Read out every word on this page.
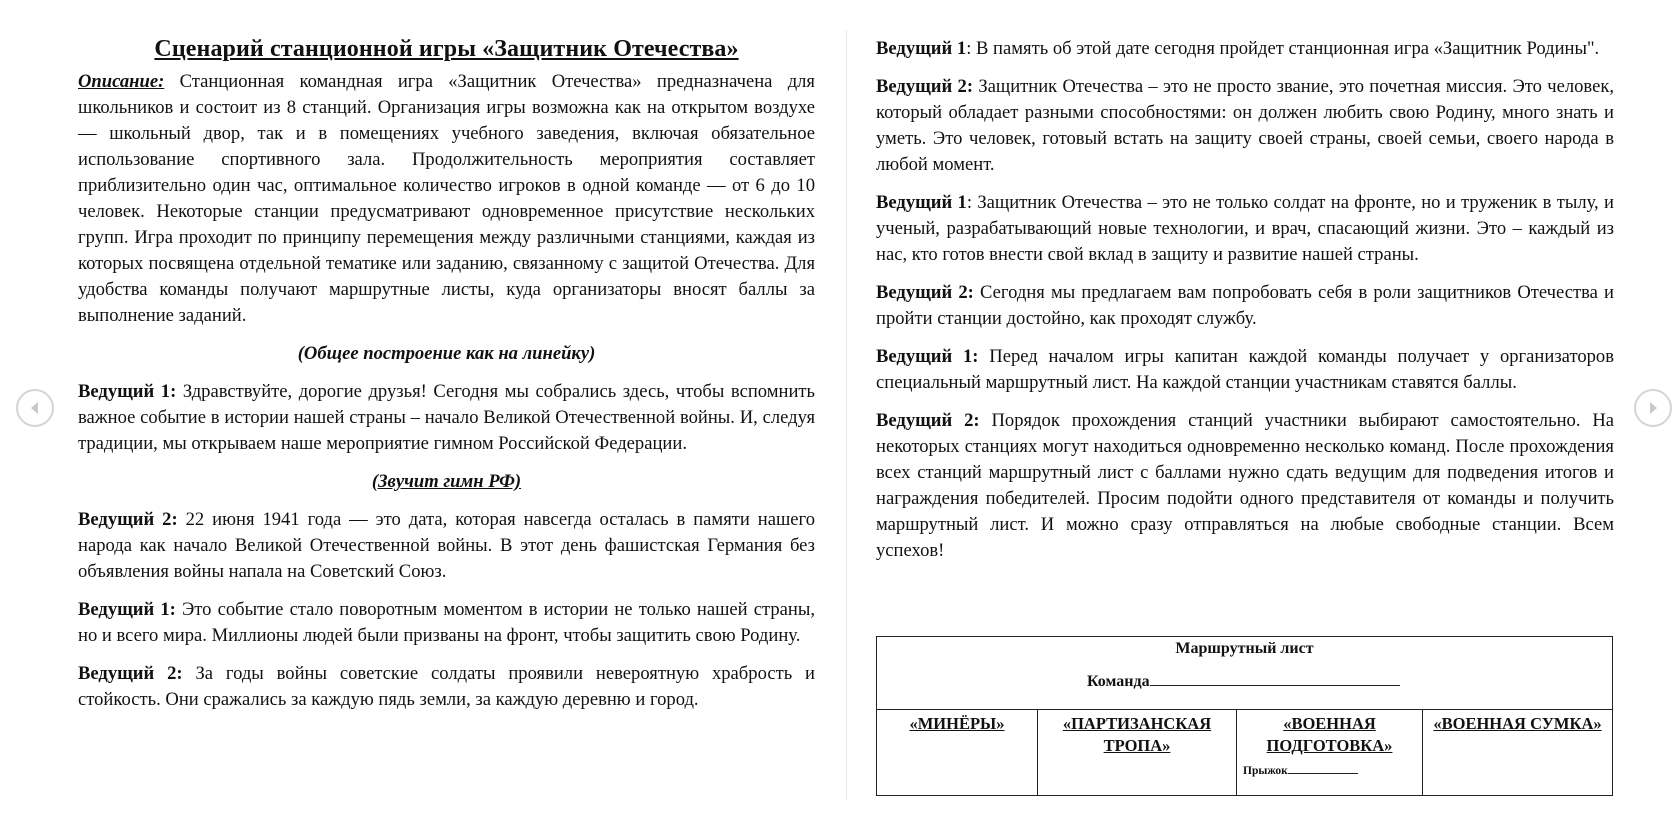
Сценарий станционной игры «Защитник Отечества»

Описание: Станционная командная игра «Защитник Отечества» предназначена для школьников и состоит из 8 станций. Организация игры возможна как на открытом воздухе — школьный двор, так и в помещениях учебного заведения, включая обязательное использование спортивного зала. Продолжительность мероприятия составляет приблизительно один час, оптимальное количество игроков в одной команде — от 6 до 10 человек. Некоторые станции предусматривают одновременное присутствие нескольких групп. Игра проходит по принципу перемещения между различными станциями, каждая из которых посвящена отдельной тематике или заданию, связанному с защитой Отечества. Для удобства команды получают маршрутные листы, куда организаторы вносят баллы за выполнение заданий.

(Общее построение как на линейку)

Ведущий 1: Здравствуйте, дорогие друзья! Сегодня мы собрались здесь, чтобы вспомнить важное событие в истории нашей страны – начало Великой Отечественной войны. И, следуя традиции, мы открываем наше мероприятие гимном Российской Федерации.

(Звучит гимн РФ)

Ведущий 2: 22 июня 1941 года — это дата, которая навсегда осталась в памяти нашего народа как начало Великой Отечественной войны. В этот день фашистская Германия без объявления войны напала на Советский Союз.

Ведущий 1: Это событие стало поворотным моментом в истории не только нашей страны, но и всего мира. Миллионы людей были призваны на фронт, чтобы защитить свою Родину.

Ведущий 2: За годы войны советские солдаты проявили невероятную храбрость и стойкость. Они сражались за каждую пядь земли, за каждую деревню и город.

Ведущий 1: В память об этой дате сегодня пройдет станционная игра «Защитник Родины".

Ведущий 2: Защитник Отечества – это не просто звание, это почетная миссия. Это человек, который обладает разными способностями: он должен любить свою Родину, много знать и уметь. Это человек, готовый встать на защиту своей страны, своей семьи, своего народа в любой момент.

Ведущий 1: Защитник Отечества – это не только солдат на фронте, но и труженик в тылу, и ученый, разрабатывающий новые технологии, и врач, спасающий жизни. Это – каждый из нас, кто готов внести свой вклад в защиту и развитие нашей страны.

Ведущий 2: Сегодня мы предлагаем вам попробовать себя в роли защитников Отечества и пройти станции достойно, как проходят службу.

Ведущий 1: Перед началом игры капитан каждой команды получает у организаторов специальный маршрутный лист. На каждой станции участникам ставятся баллы.

Ведущий 2: Порядок прохождения станций участники выбирают самостоятельно. На некоторых станциях могут находиться одновременно несколько команд. После прохождения всех станций маршрутный лист с баллами нужно сдать ведущим для подведения итогов и награждения победителей. Просим подойти одного представителя от команды и получить маршрутный лист. И можно сразу отправляться на любые свободные станции. Всем успехов!

Маршрутный лист
Команда
«МИНЁРЫ»	«ПАРТИЗАНСКАЯ ТРОПА»
«ВОЕННАЯ ПОДГОТОВКА»
Прыжок
«ВОЕННАЯ СУМКА»
